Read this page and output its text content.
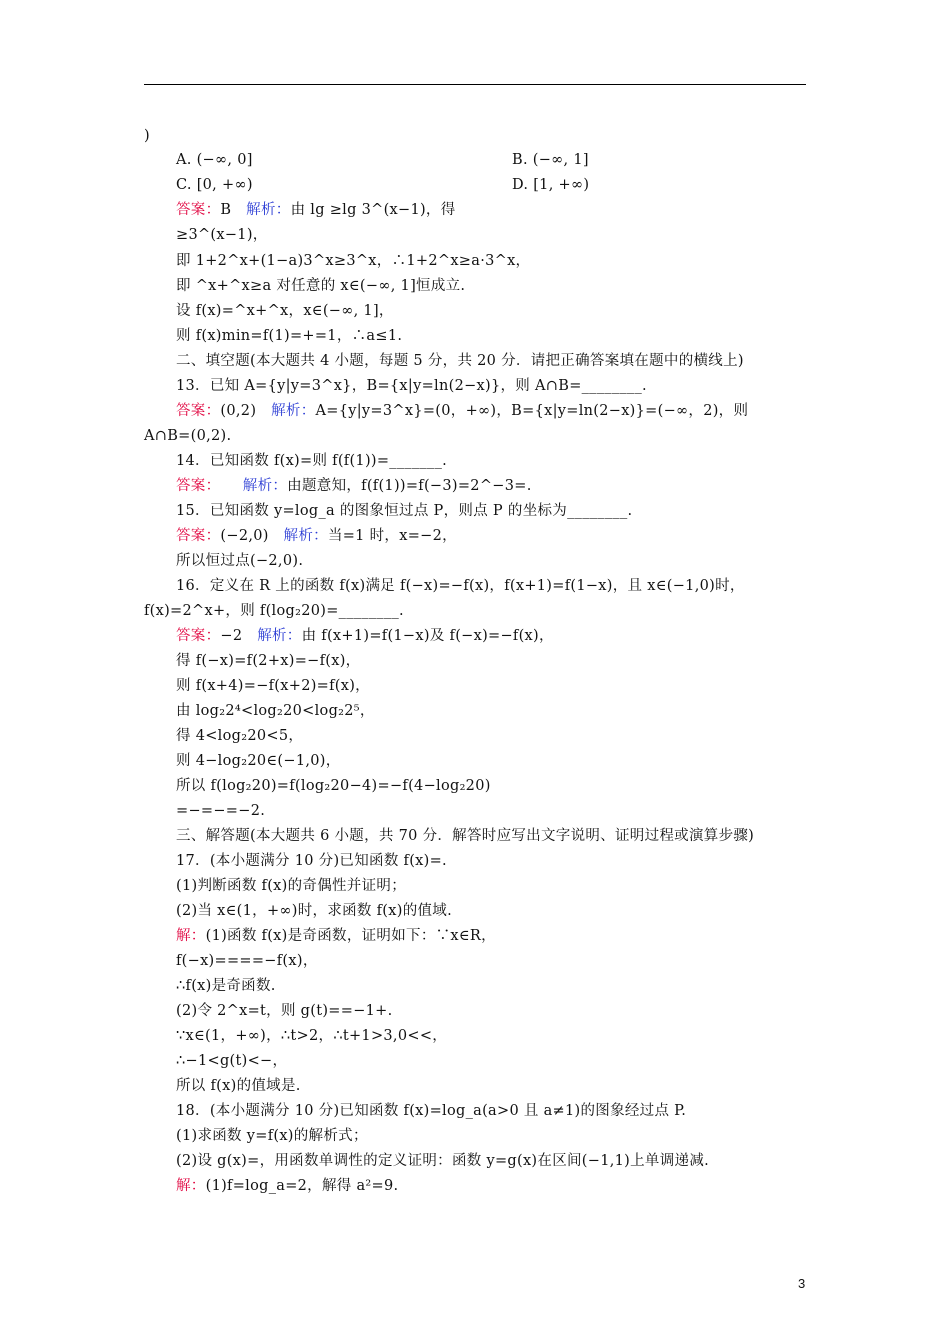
)
A. (−∞, 0]	B. (−∞, 1]
C. [0, +∞)	D. [1, +∞)
答案：B　解析：由 lg ≥lg 3^(x−1)，得
≥3^(x−1)，
即 1+2^x+(1−a)3^x≥3^x，∴1+2^x≥a·3^x，
即 ^x+^x≥a 对任意的 x∈(−∞, 1]恒成立.
设 f(x)=^x+^x，x∈(−∞, 1]，
则 f(x)min=f(1)=+=1，∴a≤1.
二、填空题(本大题共 4 小题，每题 5 分，共 20 分．请把正确答案填在题中的横线上)
13．已知 A={y|y=3^x}，B={x|y=ln(2−x)}，则 A∩B=________.
答案：(0,2)　解析：A={y|y=3^x}=(0，+∞)，B={x|y=ln(2−x)}=(−∞，2)，则
A∩B=(0,2).
14．已知函数 f(x)=则 f(f(1))=_______.
答案：　　 解析：由题意知，f(f(1))=f(−3)=2^−3=.
15．已知函数 y=log_a 的图象恒过点 P，则点 P 的坐标为________.
答案：(−2,0)　解析：当=1 时，x=−2，
所以恒过点(−2,0).
16．定义在 R 上的函数 f(x)满足 f(−x)=−f(x)，f(x+1)=f(1−x)，且 x∈(−1,0)时，
f(x)=2^x+，则 f(log₂20)=________.
答案：−2　解析：由 f(x+1)=f(1−x)及 f(−x)=−f(x)，
得 f(−x)=f(2+x)=−f(x)，
则 f(x+4)=−f(x+2)=f(x)，
由 log₂2⁴<log₂20<log₂2⁵，
得 4<log₂20<5，
则 4−log₂20∈(−1,0)，
所以 f(log₂20)=f(log₂20−4)=−f(4−log₂20)
=−=−=−2.
三、解答题(本大题共 6 小题，共 70 分．解答时应写出文字说明、证明过程或演算步骤)
17．(本小题满分 10 分)已知函数 f(x)=.
(1)判断函数 f(x)的奇偶性并证明；
(2)当 x∈(1，+∞)时，求函数 f(x)的值域.
解：(1)函数 f(x)是奇函数，证明如下：∵x∈R，
f(−x)====−f(x)，
∴f(x)是奇函数.
(2)令 2^x=t，则 g(t)==−1+.
∵x∈(1，+∞)，∴t>2，∴t+1>3,0<<，
∴−1<g(t)<−，
所以 f(x)的值域是.
18．(本小题满分 10 分)已知函数 f(x)=log_a(a>0 且 a≠1)的图象经过点 P.
(1)求函数 y=f(x)的解析式；
(2)设 g(x)=，用函数单调性的定义证明：函数 y=g(x)在区间(−1,1)上单调递减.
解：(1)f=log_a=2，解得 a²=9.
3
